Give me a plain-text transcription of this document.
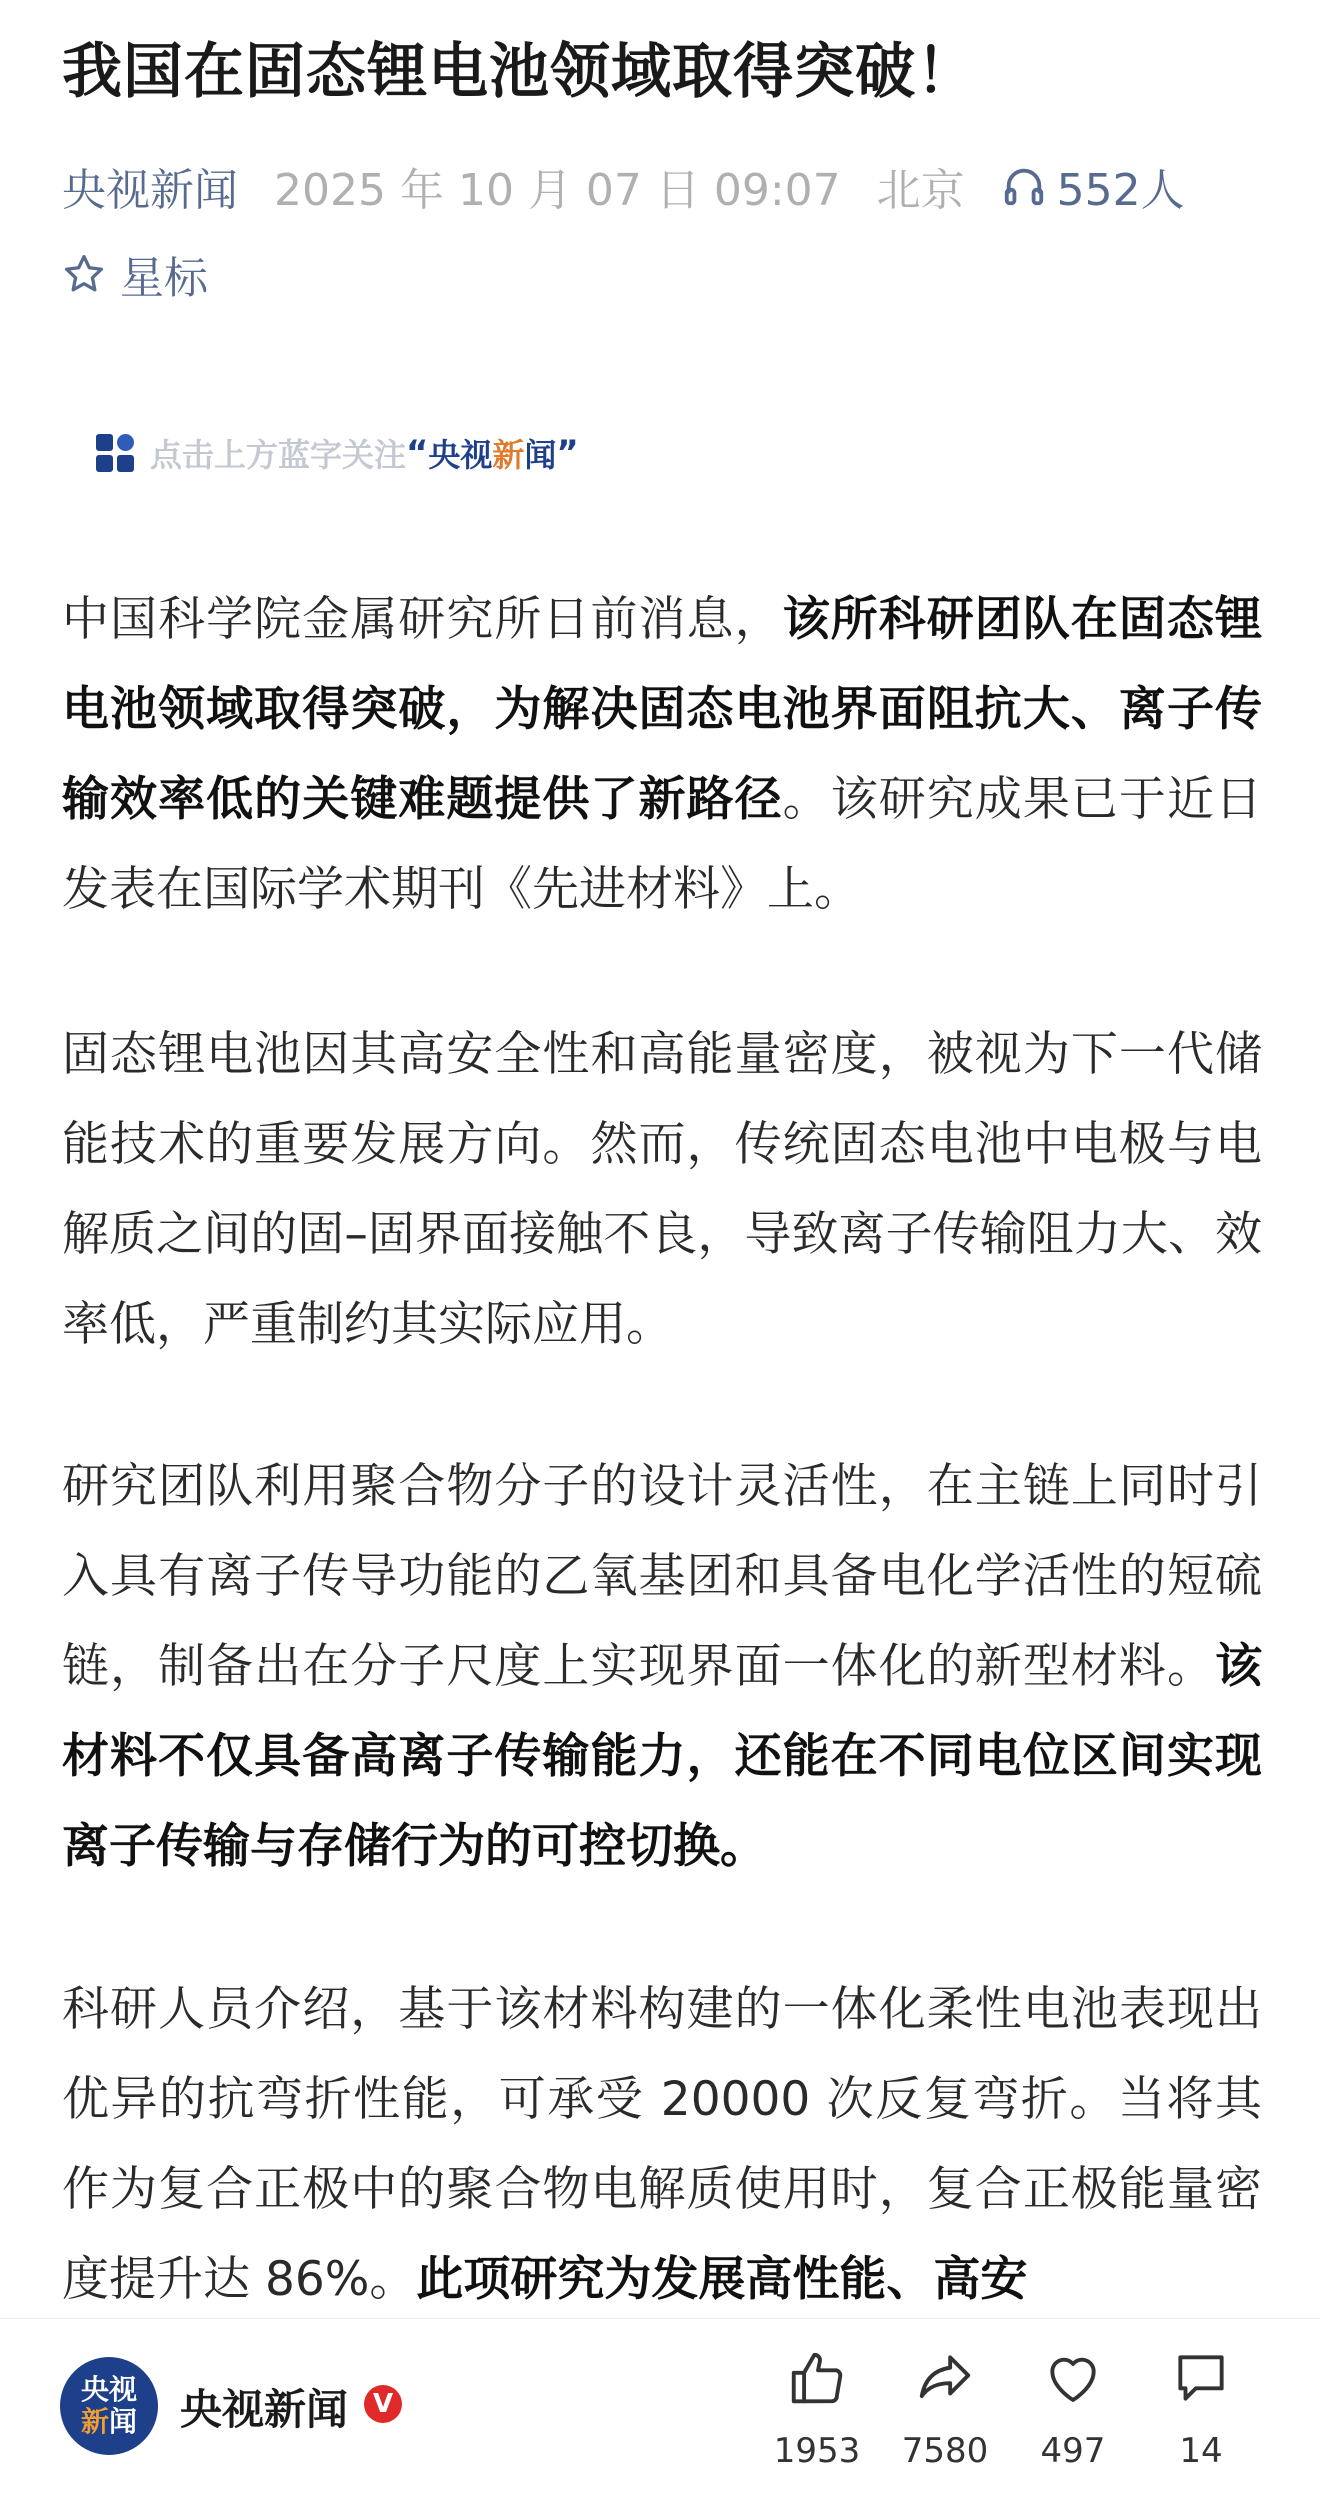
我国在固态锂电池领域取得突破！
央视新闻 2025 年 10 月 07 日 09:07 北京 552人
星标
点击上方蓝字关注 “ 央视 新 闻 ”

中国科学院金属研究所日前消息，该所科研团队在固态锂电池领域取得突破，为解决固态电池界面阻抗大、离子传输效率低的关键难题提供了新路径。该研究成果已于近日发表在国际学术期刊《先进材料》上。

固态锂电池因其高安全性和高能量密度，被视为下一代储能技术的重要发展方向。然而，传统固态电池中电极与电解质之间的固–固界面接触不良，导致离子传输阻力大、效率低，严重制约其实际应用。

研究团队利用聚合物分子的设计灵活性，在主链上同时引入具有离子传导功能的乙氧基团和具备电化学活性的短硫链，制备出在分子尺度上实现界面一体化的新型材料。该材料不仅具备高离子传输能力，还能在不同电位区间实现离子传输与存储行为的可控切换。

科研人员介绍，基于该材料构建的一体化柔性电池表现出优异的抗弯折性能，可承受 20000 次反复弯折。当将其作为复合正极中的聚合物电解质使用时，复合正极能量密度提升达 86%。此项研究为发展高性能、高安

央视
新 闻 央视新闻 V
1953 7580 497 14
